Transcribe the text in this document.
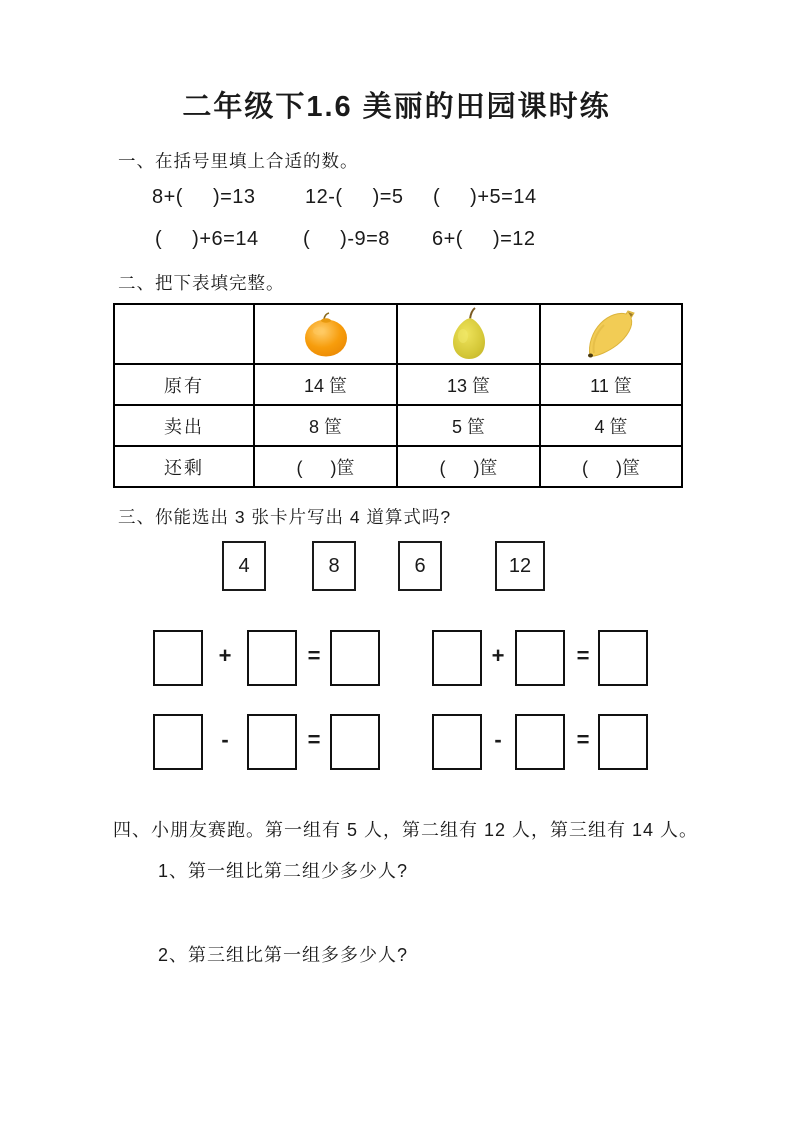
二年级下1.6 美丽的田园课时练
一、在括号里填上合适的数。
8+( )=13 12-( )=5 ( )+5=14
( )+6=14 ( )-9=8 6+( )=12
二、把下表填完整。

原有	14 筐	13 筐	11 筐
卖出	8 筐	5 筐	4 筐
还剩	( )筐	( )筐	( )筐
三、你能选出 3 张卡片写出 4 道算式吗?
4	8	6	12
+	=	+	=
-	=	-	=
四、小朋友赛跑。第一组有 5 人，第二组有 12 人，第三组有 14 人。
1、第一组比第二组少多少人?
2、第三组比第一组多多少人?
